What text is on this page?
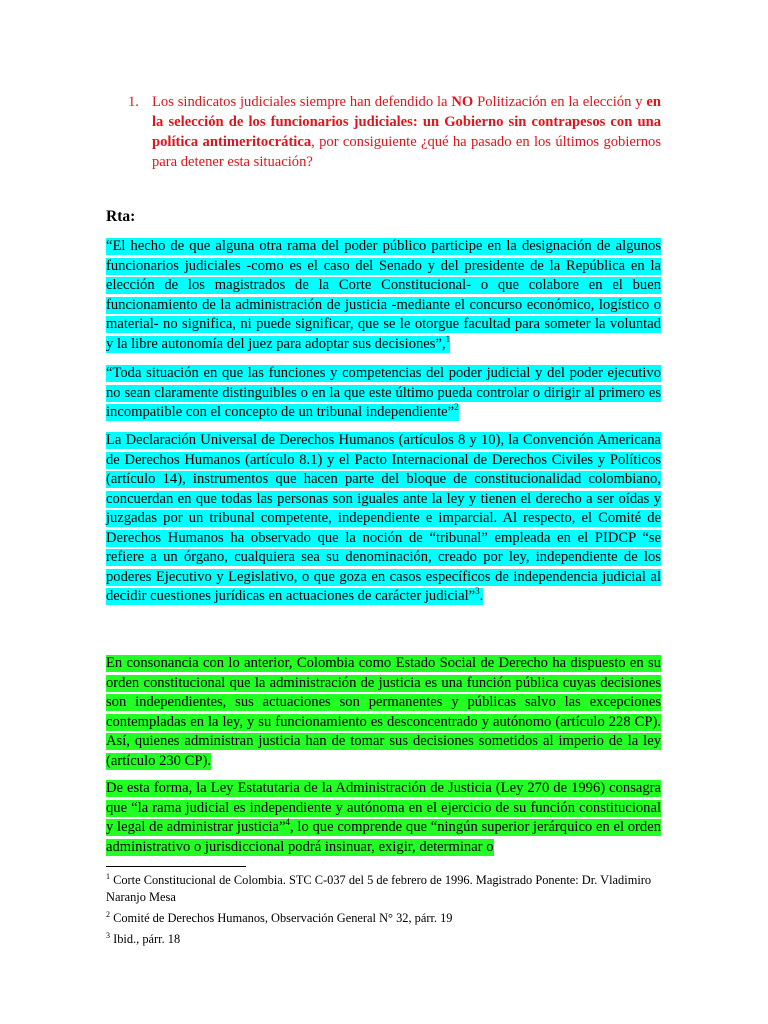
1. Los sindicatos judiciales siempre han defendido la NO Politización en la elección y en la selección de los funcionarios judiciales: un Gobierno sin contrapesos con una política antimeritocrática, por consiguiente ¿qué ha pasado en los últimos gobiernos para detener esta situación?
Rta:
“El hecho de que alguna otra rama del poder público participe en la designación de algunos funcionarios judiciales -como es el caso del Senado y del presidente de la República en la elección de los magistrados de la Corte Constitucional- o que colabore en el buen funcionamiento de la administración de justicia -mediante el concurso económico, logístico o material- no significa, ni puede significar, que se le otorgue facultad para someter la voluntad y la libre autonomía del juez para adoptar sus decisiones”,$^1$
“Toda situación en que las funciones y competencias del poder judicial y del poder ejecutivo no sean claramente distinguibles o en la que este último pueda controlar o dirigir al primero es incompatible con el concepto de un tribunal independiente”$^2$
La Declaración Universal de Derechos Humanos (artículos 8 y 10), la Convención Americana de Derechos Humanos (artículo 8.1) y el Pacto Internacional de Derechos Civiles y Políticos (artículo 14), instrumentos que hacen parte del bloque de constitucionalidad colombiano, concuerdan en que todas las personas son iguales ante la ley y tienen el derecho a ser oídas y juzgadas por un tribunal competente, independiente e imparcial. Al respecto, el Comité de Derechos Humanos ha observado que la noción de “tribunal” empleada en el PIDCP “se refiere a un órgano, cualquiera sea su denominación, creado por ley, independiente de los poderes Ejecutivo y Legislativo, o que goza en casos específicos de independencia judicial al decidir cuestiones jurídicas en actuaciones de carácter judicial”$^3$.
En consonancia con lo anterior, Colombia como Estado Social de Derecho ha dispuesto en su orden constitucional que la administración de justicia es una función pública cuyas decisiones son independientes, sus actuaciones son permanentes y públicas salvo las excepciones contempladas en la ley, y su funcionamiento es desconcentrado y autónomo (artículo 228 CP). Así, quienes administran justicia han de tomar sus decisiones sometidos al imperio de la ley (artículo 230 CP).
De esta forma, la Ley Estatutaria de la Administración de Justicia (Ley 270 de 1996) consagra que “la rama judicial es independiente y autónoma en el ejercicio de su función constitucional y legal de administrar justicia”$^4$, lo que comprende que “ningún superior jerárquico en el orden administrativo o jurisdiccional podrá insinuar, exigir, determinar o

$^1$ Corte Constitucional de Colombia. STC C-037 del 5 de febrero de 1996. Magistrado Ponente: Dr. Vladimiro Naranjo Mesa

$^2$ Comité de Derechos Humanos, Observación General N° 32, párr. 19

$^3$ Ibid., párr. 18
